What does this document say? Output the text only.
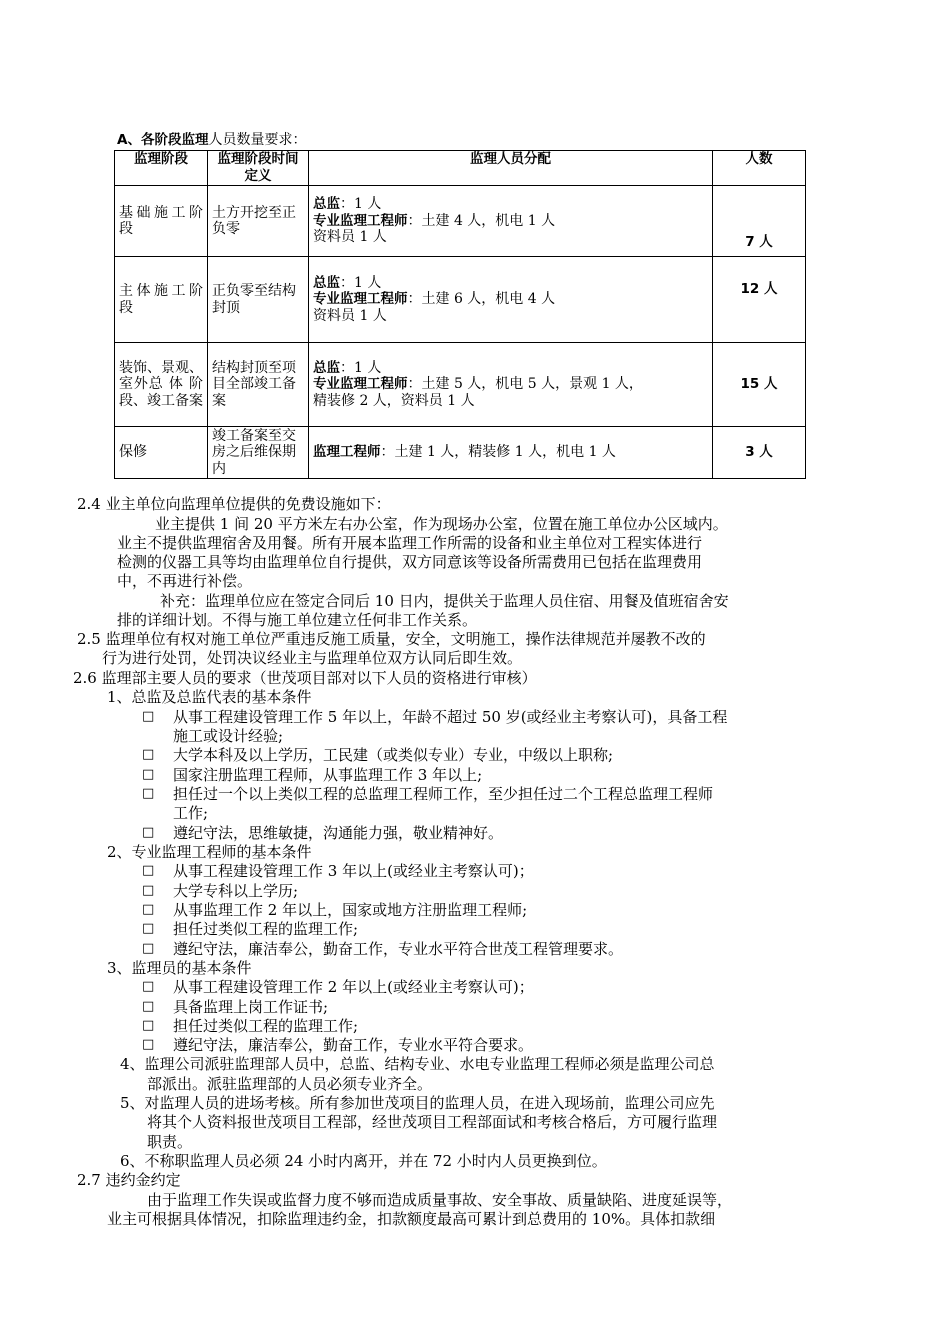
A、各阶段监理人员数量要求：
监理阶段	监理阶段时间定义	监理人员分配	人数
基础施工阶 段	土方开挖至正负零	总监：1 人
专业监理工程师：土建 4 人，机电 1 人
资料员 1 人	7 人
主体施工阶 段	正负零至结构封顶	总监：1 人
专业监理工程师：土建 6 人，机电 4 人
资料员 1 人	12 人
装饰、景观、室外总 体 阶段、竣工备案	结构封顶至项目全部竣工备案	总监：1 人
专业监理工程师：土建 5 人，机电 5 人，景观 1 人，
精装修 2 人，资料员 1 人	15 人
保修	竣工备案至交房之后维保期内	监理工程师：土建 1 人，精装修 1 人，机电 1 人	3 人
2.4 业主单位向监理单位提供的免费设施如下：
业主提供 1 间 20 平方米左右办公室，作为现场办公室，位置在施工单位办公区域内。
业主不提供监理宿舍及用餐。所有开展本监理工作所需的设备和业主单位对工程实体进行
检测的仪器工具等均由监理单位自行提供，双方同意该等设备所需费用已包括在监理费用
中，不再进行补偿。
补充：监理单位应在签定合同后 10 日内，提供关于监理人员住宿、用餐及值班宿舍安
排的详细计划。不得与施工单位建立任何非工作关系。
2.5 监理单位有权对施工单位严重违反施工质量，安全，文明施工，操作法律规范并屡教不改的
行为进行处罚，处罚决议经业主与监理单位双方认同后即生效。
2.6 监理部主要人员的要求（世茂项目部对以下人员的资格进行审核）
1、总监及总监代表的基本条件
□ 从事工程建设管理工作 5 年以上，年龄不超过 50 岁(或经业主考察认可)，具备工程
施工或设计经验;
□ 大学本科及以上学历，工民建（或类似专业）专业，中级以上职称;
□ 国家注册监理工程师，从事监理工作 3 年以上;
□ 担任过一个以上类似工程的总监理工程师工作，至少担任过二个工程总监理工程师
工作;
□ 遵纪守法，思维敏捷，沟通能力强，敬业精神好。
2、专业监理工程师的基本条件
□ 从事工程建设管理工作 3 年以上(或经业主考察认可)；
□ 大学专科以上学历;
□ 从事监理工作 2 年以上，国家或地方注册监理工程师;
□ 担任过类似工程的监理工作;
□ 遵纪守法，廉洁奉公，勤奋工作，专业水平符合世茂工程管理要求。
3、监理员的基本条件
□ 从事工程建设管理工作 2 年以上(或经业主考察认可)；
□ 具备监理上岗工作证书;
□ 担任过类似工程的监理工作;
□ 遵纪守法，廉洁奉公，勤奋工作，专业水平符合要求。
4、监理公司派驻监理部人员中，总监、结构专业、水电专业监理工程师必须是监理公司总
部派出。派驻监理部的人员必须专业齐全。
5、对监理人员的进场考核。所有参加世茂项目的监理人员，在进入现场前，监理公司应先
将其个人资料报世茂项目工程部，经世茂项目工程部面试和考核合格后，方可履行监理
职责。
6、不称职监理人员必须 24 小时内离开，并在 72 小时内人员更换到位。
2.7 违约金约定
由于监理工作失误或监督力度不够而造成质量事故、安全事故、质量缺陷、进度延误等，
业主可根据具体情况，扣除监理违约金，扣款额度最高可累计到总费用的 10%。具体扣款细
